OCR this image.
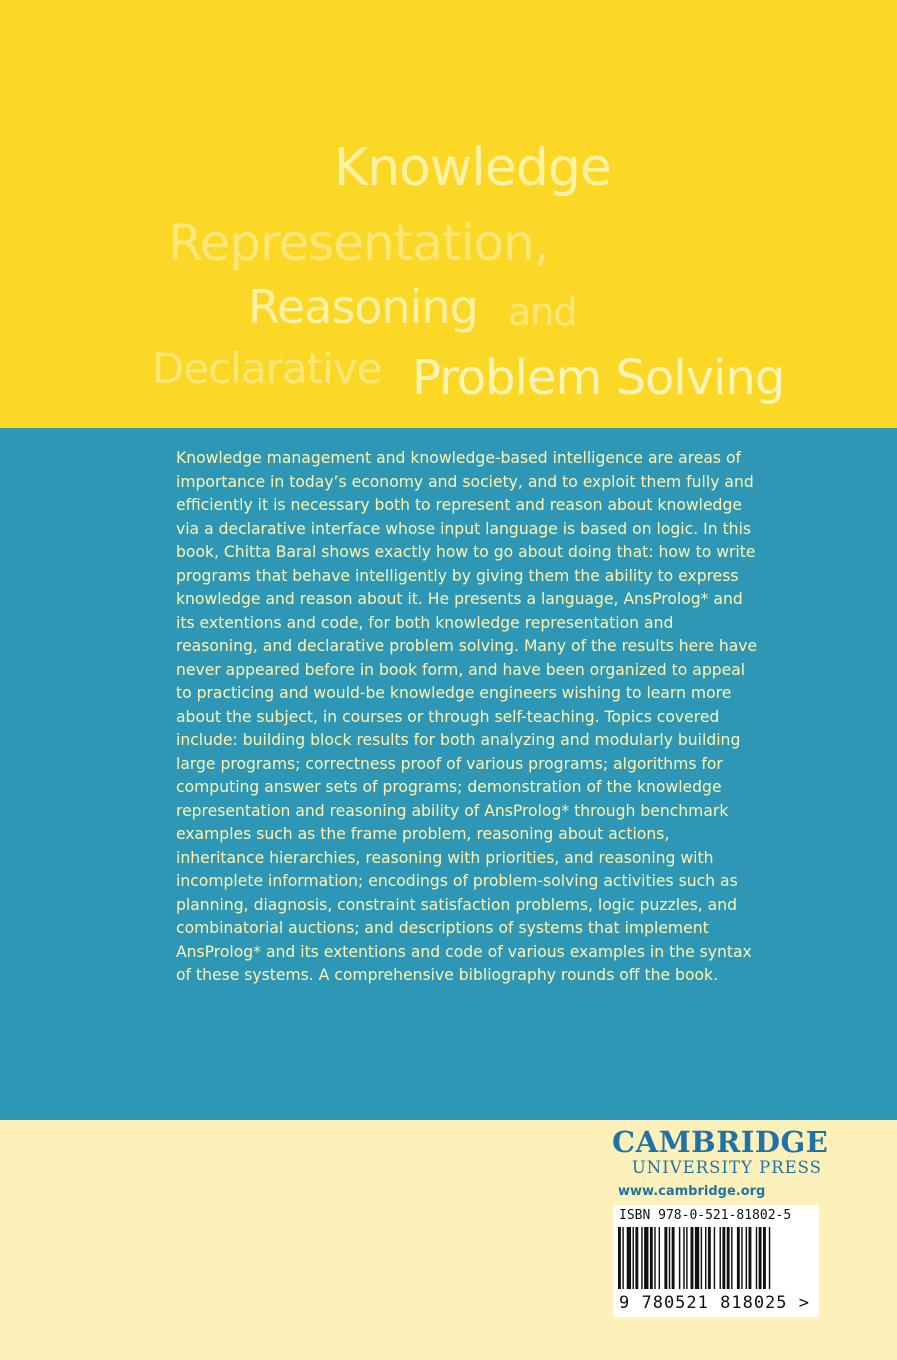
Knowledge
Representation,
Reasoning and
Declarative Problem Solving
Knowledge management and knowledge-based intelligence are areas of importance in today’s economy and society, and to exploit them fully and efficiently it is necessary both to represent and reason about knowledge via a declarative interface whose input language is based on logic. In this book, Chitta Baral shows exactly how to go about doing that: how to write programs that behave intelligently by giving them the ability to express knowledge and reason about it. He presents a language, AnsProlog* and its extentions and code, for both knowledge representation and reasoning, and declarative problem solving. Many of the results here have never appeared before in book form, and have been organized to appeal to practicing and would-be knowledge engineers wishing to learn more about the subject, in courses or through self-teaching. Topics covered include: building block results for both analyzing and modularly building large programs; correctness proof of various programs; algorithms for computing answer sets of programs; demonstration of the knowledge representation and reasoning ability of AnsProlog* through benchmark examples such as the frame problem, reasoning about actions, inheritance hierarchies, reasoning with priorities, and reasoning with incomplete information; encodings of problem-solving activities such as planning, diagnosis, constraint satisfaction problems, logic puzzles, and combinatorial auctions; and descriptions of systems that implement AnsProlog* and its extentions and code of various examples in the syntax of these systems. A comprehensive bibliography rounds off the book.
CAMBRIDGE
UNIVERSITY PRESS
www.cambridge.org
ISBN 978-0-521-81802-5
9 780521 818025 >
